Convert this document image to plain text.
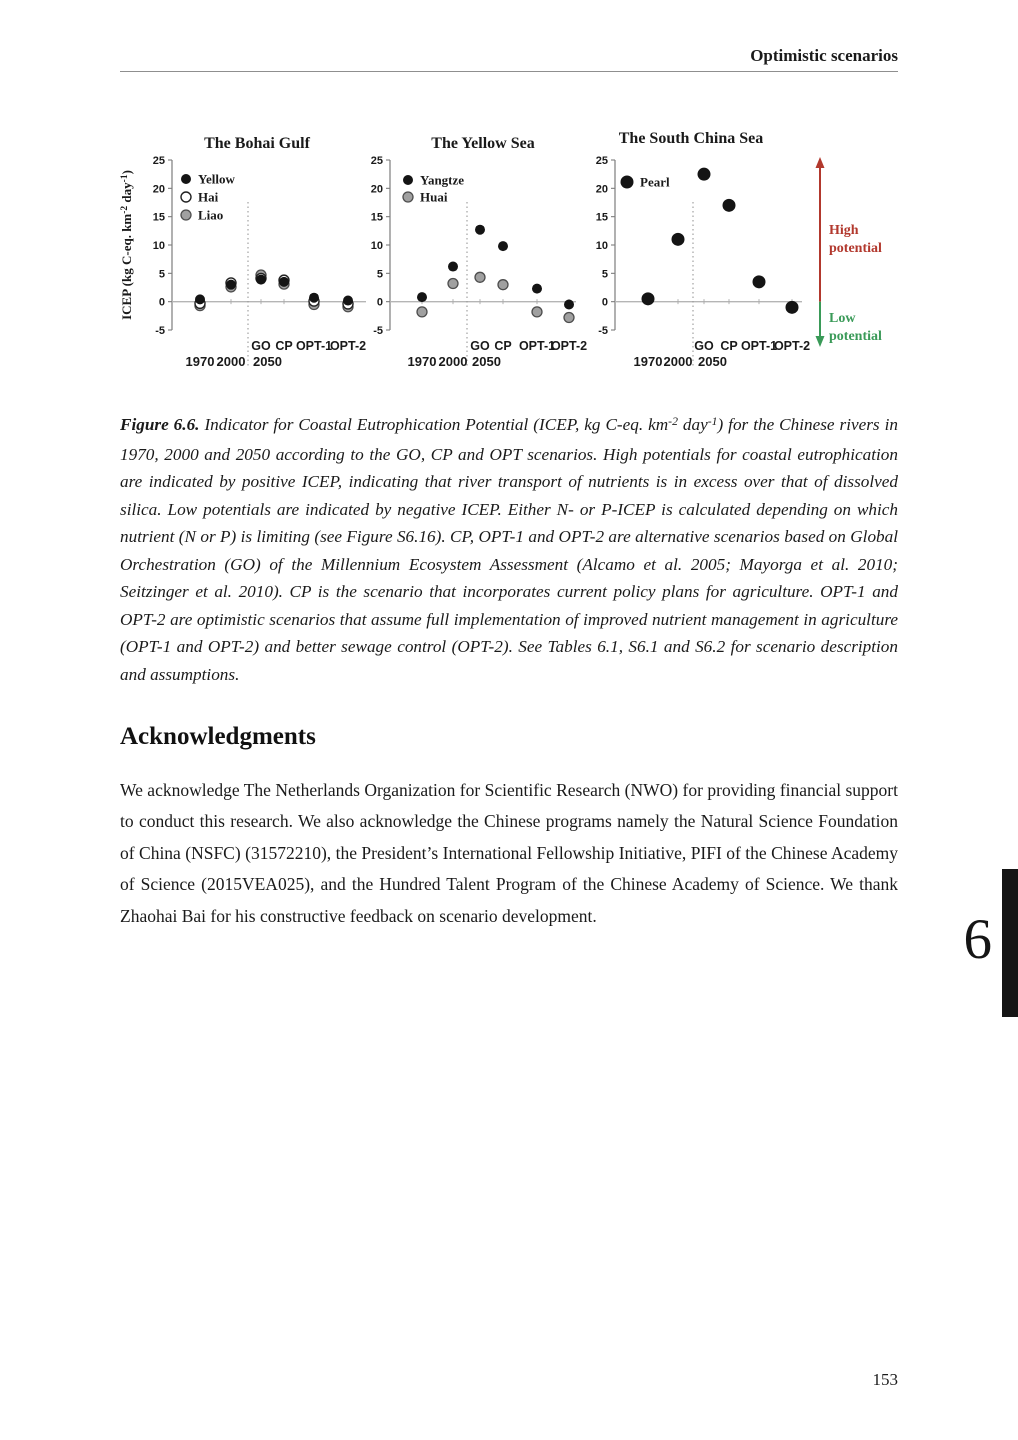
Optimistic scenarios
The Bohai Gulf
25
20
15
10
5
0
-5
ICEP (kg C-eq. $km^{-2}$ day$^{-1}$)	Yellow
Hai
Liao
GO CP OPT-1
OPT-2
1970 2000 2050
The Yellow Sea
25
20
15
10
5
0
-5
Yangtze
Huai
GO CP OPT-1
OPT-2
1970 2000 2050
The South China Sea
25
20
15
10
5
0
-5
Pearl
GO CP OPT-1
OPT-2
1970 2000 2050
High potential
Low potential

Figure 6.6. Indicator for Coastal Eutrophication Potential (ICEP, kg C-eq. $km^{-2}$ day$^{-1}$) for the Chinese rivers in 1970, 2000 and 2050 according to the GO, CP and OPT scenarios. High potentials for coastal eutrophication are indicated by positive ICEP, indicating that river transport of nutrients is in excess over that of dissolved silica. Low potentials are indicated by negative ICEP. Either N- or P-ICEP is calculated depending on which nutrient (N or P) is limiting (see Figure S6.16). CP, OPT-1 and OPT-2 are alternative scenarios based on Global Orchestration (GO) of the Millennium Ecosystem Assessment (Alcamo et al. 2005; Mayorga et al. 2010; Seitzinger et al. 2010). CP is the scenario that incorporates current policy plans for agriculture. OPT-1 and OPT-2 are optimistic scenarios that assume full implementation of improved nutrient management in agriculture (OPT-1 and OPT-2) and better sewage control (OPT-2). See Tables 6.1, S6.1 and S6.2 for scenario description and assumptions.

Acknowledgments

We acknowledge The Netherlands Organization for Scientific Research (NWO) for providing financial support to conduct this research. We also acknowledge the Chinese programs namely the Natural Science Foundation of China (NSFC) (31572210), the President’s International Fellowship Initiative, PIFI of the Chinese Academy of Science (2015VEA025), and the Hundred Talent Program of the Chinese Academy of Science. We thank Zhaohai Bai for his constructive feedback on scenario development.	6
153
